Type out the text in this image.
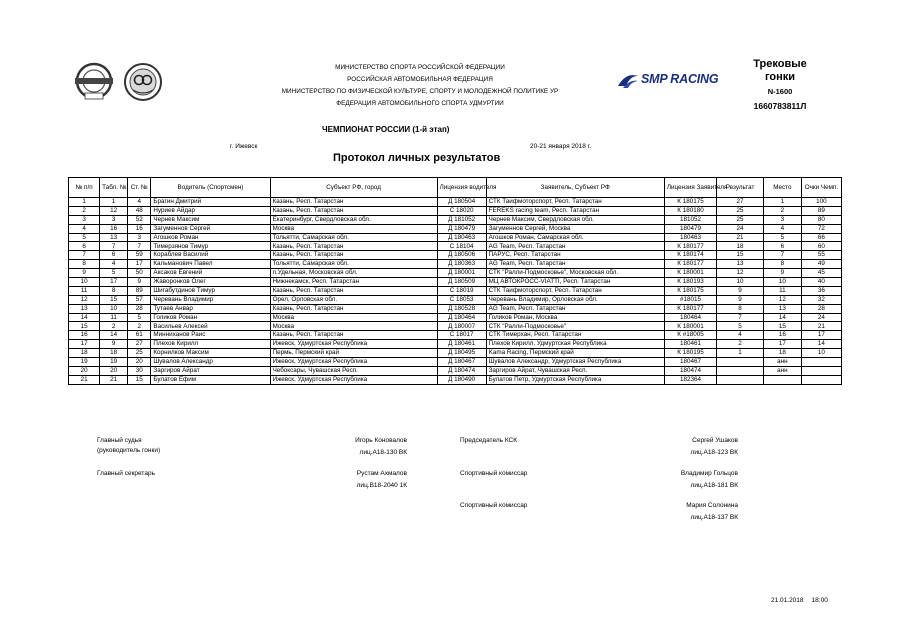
МИНИСТЕРСТВО СПОРТА РОССИЙСКОЙ ФЕДЕРАЦИИ
РОССИЙСКАЯ АВТОМОБИЛЬНАЯ ФЕДЕРАЦИЯ
МИНИСТЕРСТВО ПО ФИЗИЧЕСКОЙ КУЛЬТУРЕ, СПОРТУ И МОЛОДЕЖНОЙ ПОЛИТИКЕ УР
ФЕДЕРАЦИЯ АВТОМОБИЛЬНОГО СПОРТА УДМУРТИИ
SMP RACING
Трековые
гонки
N-1600
1660783811Л
ЧЕМПИОНАТ РОССИИ (1-й этап)
г. Ижевск	20-21 января 2018 г.
Протокол личных результатов
№ п/п	Табл. №	Ст. №	Водитель (Спортсмен)	Субъект РФ, город	Лицензия водителя	Заявитель, Субъект РФ	Лицензия Заявителя	Результат	Место	Очки Чемп.
1	1	4	Брагин Дмитрий	Казань, Респ. Татарстан	Д 180504	СТК Таифмоторспорт, Респ. Татарстан	К 180175	27	1	100
2	12	48	Нуриев Айдар	Казань, Респ. Татарстан	С 18020	FEREKS racing team, Респ. Татарстан	К 180180	25	2	89
3	3	52	Чернев Максим	Екатеринбург, Свердловская обл.	Д 181052	Чернев Максим, Свердловская обл.	181052	25	3	80
4	16	16	Загуменнов Сергей	Москва	Д 180479	Загуменнов Сергей, Москва	180479	24	4	72
5	13	3	Агошков Роман	Тольятти, Самарская обл.	Д 180463	Агошков Роман, Самарская обл.	180463	21	5	66
6	7	7	Тимерзянов Тимур	Казань, Респ. Татарстан	С 18104	AG Team, Респ. Татарстан	К 180177	18	6	60
7	6	59	Кораблев Василий	Казань, Респ. Татарстан	Д 180506	ПАРУС, Респ. Татарстан	К 180174	15	7	55
8	4	17	Кальманович Павел	Тольятти, Самарская обл.	Д 180363	AG Team, Респ. Татарстан	К 180177	13	8	49
9	5	50	Аксаков Евгений	п.Удельная, Московская обл.	Д 180001	СТК "Ралли-Подмосковье", Московская обл.	К 180001	12	9	45
10	17	9	Жаворонков Олег	Нижнекамск, Респ. Татарстан	Д 180509	МЦ АВТОКРОСС-VIATTI, Респ. Татарстан	К 180193	10	10	40
11	8	89	Шигабутдинов Тимур	Казань, Респ. Татарстан	С 18019	СТК Таифмоторспорт, Респ. Татарстан	К 180175	9	11	36
12	15	57	Черевань Владимир	Орел, Орловская обл.	С 18053	Черевань Владимир, Орловская обл.	#18015	9	12	32
13	10	28	Тутаев Анвар	Казань, Респ. Татарстан	Д 180528	AG Team, Респ. Татарстан	К 180177	8	13	28
14	11	5	Голиков Роман	Москва	Д 180464	Голиков Роман, Москва	180464	7	14	24
15	2	2	Васильев Алексей	Москва	Д 180007	СТК "Ралли-Подмосковье"	К 180001	5	15	21
16	14	61	Минниханов Раис	Казань, Респ. Татарстан	С 18017	СТК Тимерхан, Респ. Татарстан	К #18005	4	16	17
17	9	27	Плехов Кирилл	Ижевск, Удмуртская Республика	Д 180461	Плехов Кирилл, Удмуртская Республика	180461	2	17	14
18	18	25	Корнилков Максим	Пермь, Пермский край	Д 180495	Kama Racing, Пермский край	К 180195	1	18	10
19	19	20	Шувалов Александр	Ижевск, Удмуртская Республика	Д 180467	Шувалов Александр, Удмуртская Республика	180467		анн	
20	20	30	Заргиров Айрат	Чебоксары, Чувашская Респ.	Д 180474	Заргиров Айрат, Чувашская Респ.	180474		анн	
21	21	15	Булатов Ефим	Ижевск, Удмуртская Республика	Д 180490	Булатов Петр, Удмуртская Республика	182364			
Главный судья
(руководитель гонки)
Игорь Коновалов
лиц.А18-130 ВК
Главный секретарь	Рустам Ахмалов
лиц.В18-2040 1К
Председатель КСК	Сергей Ушаков
лиц.А18-123 ВК
Спортивный комиссар	Владимир Гольцов
лиц.А18-181 ВК
Спортивный комиссар	Мария Солонина
лиц.А18-137 ВК
21.01.2018 18:00
